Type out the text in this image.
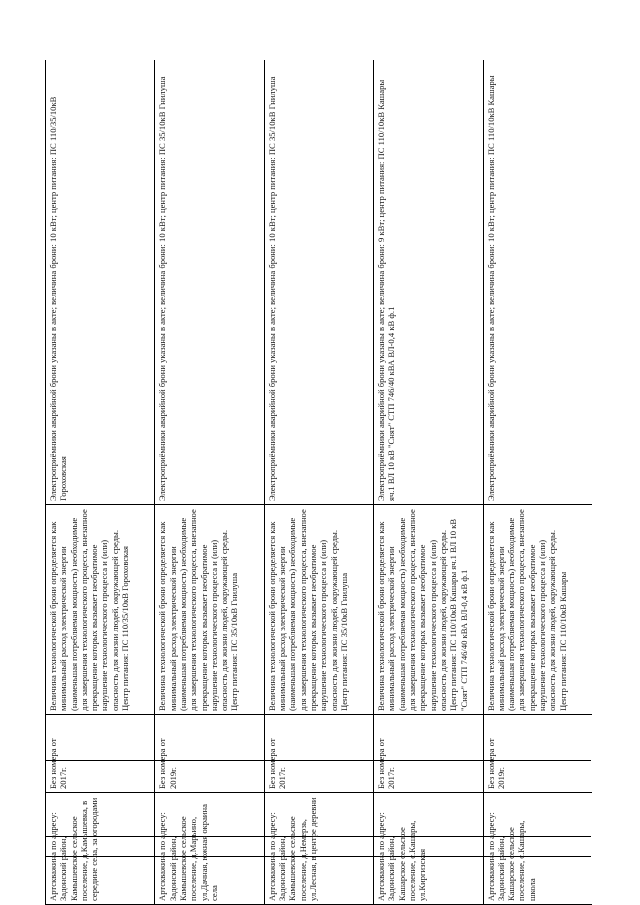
Артскважина по адресу: Задонский район, Камышевское сельское поселение, д.Камышевка, в середине села, за огородами	Без номера от 2017г.	Величина технологической брони определяется как минимальный расход электрической энергии (наименьшая потребляемая мощность) необходимые для завершения технологического процесса, внезапное прекращение которых вызывает необратимое нарушение технологического процесса и (или) опасность для жизни людей, окружающей среды. Центр питания: ПС 110/35/10кВ Гороховская	Электроприёмники аварийной брони указаны в акте; величина брони: 10 кВт; центр питания: ПС 110/35/10кВ Гороховская
Артскважина по адресу: Задонский район, Камышевское сельское поселение, д.Марьино, ул.Дачная, южная окраина села	Без номера от 2019г.	Величина технологической брони определяется как минимальный расход электрической энергии (наименьшая потребляемая мощность) необходимые для завершения технологического процесса, внезапное прекращение которых вызывает необратимое нарушение технологического процесса и (или) опасность для жизни людей, окружающей среды. Центр питания: ПС 35/10кВ Гнилуша	Электроприёмники аварийной брони указаны в акте; величина брони: 10 кВт; центр питания: ПС 35/10кВ Гнилуша
Артскважина по адресу: Задонский район, Камышевское сельское поселение, д.Немерзь, ул.Лесная, в центре деревни	Без номера от 2017г.	Величина технологической брони определяется как минимальный расход электрической энергии (наименьшая потребляемая мощность) необходимые для завершения технологического процесса, внезапное прекращение которых вызывает необратимое нарушение технологического процесса и (или) опасность для жизни людей, окружающей среды. Центр питания: ПС 35/10кВ Гнилуша	Электроприёмники аварийной брони указаны в акте; величина брони: 10 кВт; центр питания: ПС 35/10кВ Гнилуша
Артскважина по адресу: Задонский район, Кашарское сельское поселение, с.Кашары, ул.Киргизская	Без номера от 2017г.	Величина технологической брони определяется как минимальный расход электрической энергии (наименьшая потребляемая мощность) необходимые для завершения технологического процесса, внезапное прекращение которых вызывает необратимое нарушение технологического процесса и (или) опасность для жизни людей, окружающей среды. Центр питания: ПС 110/10кВ Кашары яч.1 ВЛ 10 кВ "Снят" СТП 746/40 кВА ВЛ-0,4 кВ ф.1	Электроприёмники аварийной брони указаны в акте; величина брони: 9 кВт; центр питания: ПС 110/10кВ Кашары яч.1 ВЛ 10 кВ "Снят" СТП 746/40 кВА ВЛ-0,4 кВ ф.1
Артскважина по адресу: Задонский район, Кашарское сельское поселение, с.Кашары, школа	Без номера от 2019г.	Величина технологической брони определяется как минимальный расход электрической энергии (наименьшая потребляемая мощность) необходимые для завершения технологического процесса, внезапное прекращение которых вызывает необратимое нарушение технологического процесса и (или) опасность для жизни людей, окружающей среды. Центр питания: ПС 110/10кВ Кашары	Электроприёмники аварийной брони указаны в акте; величина брони: 10 кВт; центр питания: ПС 110/10кВ Кашары
